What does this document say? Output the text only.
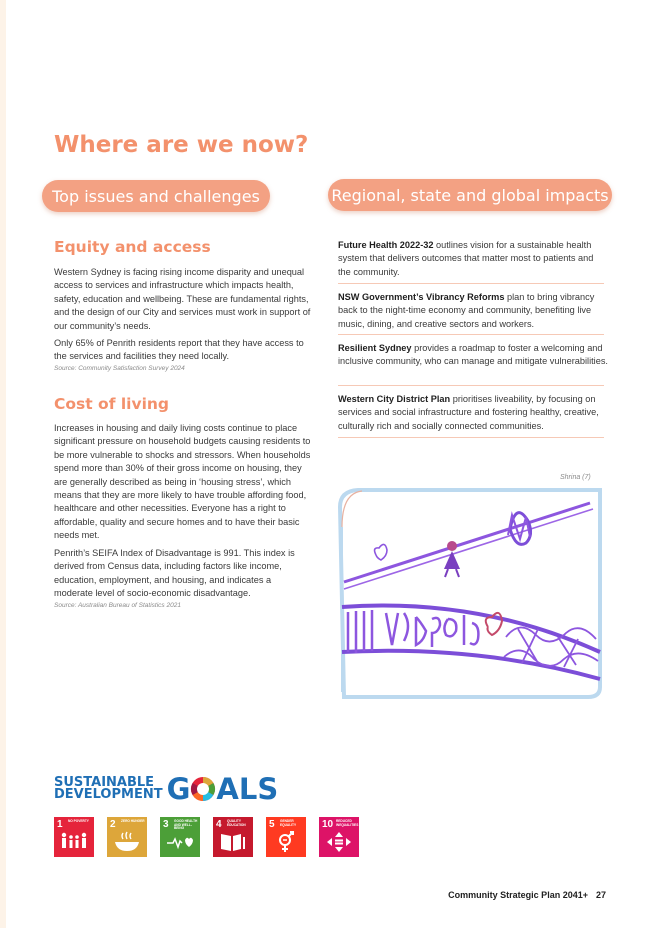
Where are we now?
Top issues and challenges	Regional, state and global impacts
Equity and access

Western Sydney is facing rising income disparity and unequal access to services and infrastructure which impacts health, safety, education and wellbeing. These are fundamental rights, and the design of our City and services must work in support of our community’s needs.

Only 65% of Penrith residents report that they have access to the services and facilities they need locally.

Source: Community Satisfaction Survey 2024

Cost of living

Increases in housing and daily living costs continue to place significant pressure on household budgets causing residents to be more vulnerable to shocks and stressors. When households spend more than 30% of their gross income on housing, they are generally described as being in ‘housing stress’, which means that they are more likely to have trouble affording food, healthcare and other necessities. Everyone has a right to affordable, quality and secure homes and to have their basic needs met.

Penrith’s SEIFA Index of Disadvantage is 991. This index is derived from Census data, including factors like income, education, employment, and housing, and indicates a moderate level of socio-economic disadvantage.

Source: Australian Bureau of Statistics 2021

Future Health 2022-32 outlines vision for a sustainable health system that delivers outcomes that matter most to patients and the community.

NSW Government’s Vibrancy Reforms plan to bring vibrancy back to the night-time economy and community, benefiting live music, dining, and creative sectors and workers.

Resilient Sydney provides a roadmap to foster a welcoming and inclusive community, who can manage and mitigate vulnerabilities.

Western City District Plan prioritises liveability, by focusing on services and social infrastructure and fostering healthy, creative, culturally rich and socially connected communities.

Shrina (7)
SUSTAINABLE
DEVELOPMENT G ALS
1 NO POVERTY	2 ZERO HUNGER 3 GOOD HEALTH AND WELL-BEING	4 QUALITY EDUCATION	5 GENDER EQUALITY	10 REDUCED INEQUALITIES
Community Strategic Plan 2041+ 27
